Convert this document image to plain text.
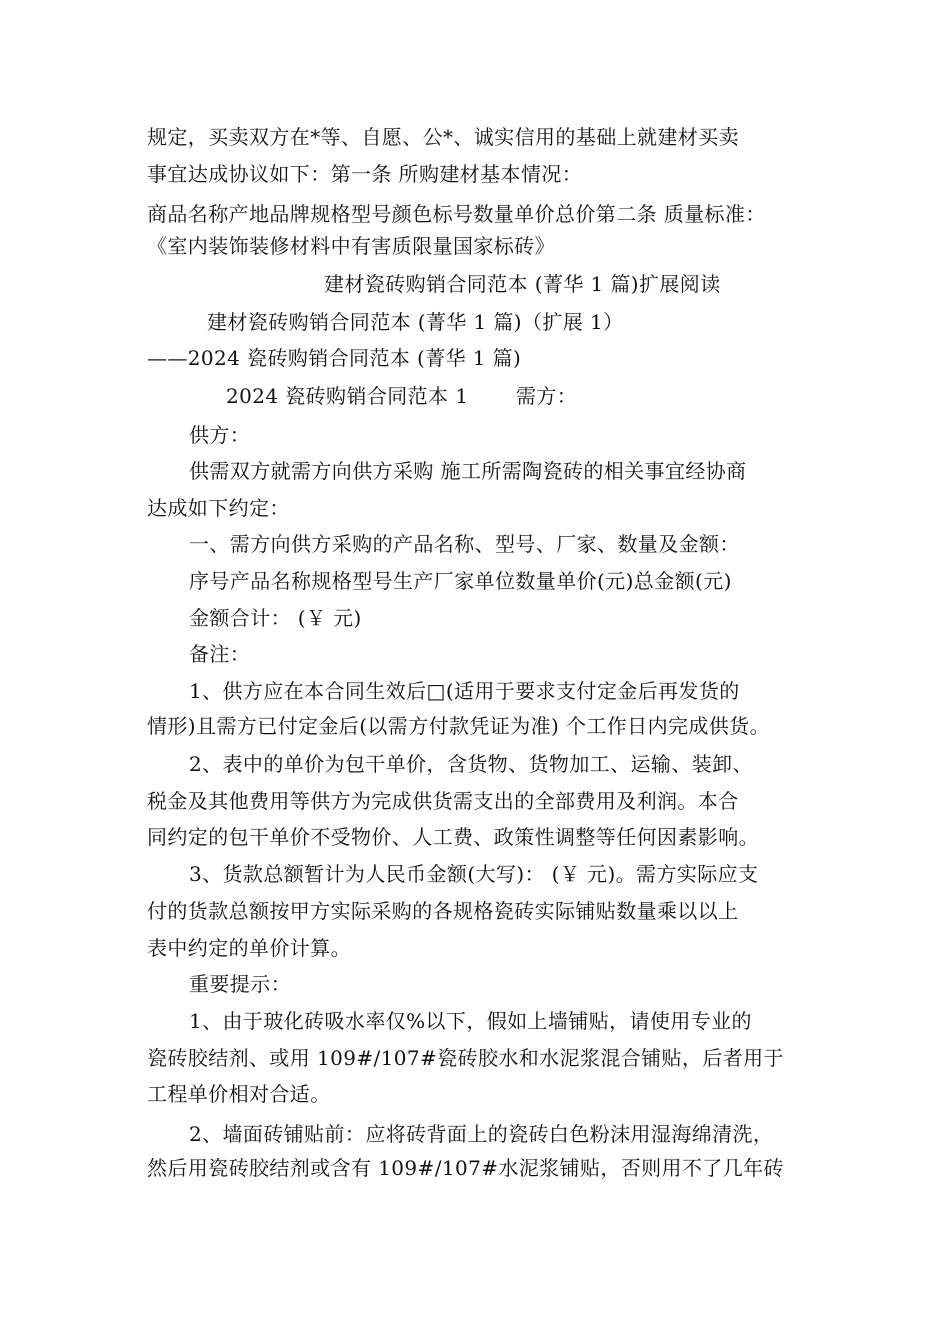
规定，买卖双方在*等、自愿、公*、诚实信用的基础上就建材买卖
事宜达成协议如下：第一条 所购建材基本情况：
商品名称产地品牌规格型号颜色标号数量单价总价第二条 质量标准：
《室内装饰装修材料中有害质限量国家标砖》
建材瓷砖购销合同范本 (菁华 1 篇)扩展阅读
建材瓷砖购销合同范本 (菁华 1 篇)（扩展 1）
——2024 瓷砖购销合同范本 (菁华 1 篇)
2024 瓷砖购销合同范本 1 需方：
供方：
供需双方就需方向供方采购 施工所需陶瓷砖的相关事宜经协商
达成如下约定：
一、需方向供方采购的产品名称、型号、厂家、数量及金额：
序号产品名称规格型号生产厂家单位数量单价(元)总金额(元)
金额合计： (￥ 元)
备注：
1、供方应在本合同生效后□(适用于要求支付定金后再发货的
情形)且需方已付定金后(以需方付款凭证为准) 个工作日内完成供货。
2、表中的单价为包干单价，含货物、货物加工、运输、装卸、
税金及其他费用等供方为完成供货需支出的全部费用及利润。本合
同约定的包干单价不受物价、人工费、政策性调整等任何因素影响。
3、货款总额暂计为人民币金额(大写)： (￥ 元)。需方实际应支
付的货款总额按甲方实际采购的各规格瓷砖实际铺贴数量乘以以上
表中约定的单价计算。
重要提示：
1、由于玻化砖吸水率仅%以下，假如上墙铺贴，请使用专业的
瓷砖胶结剂、或用 109#/107#瓷砖胶水和水泥浆混合铺贴，后者用于
工程单价相对合适。
2、墙面砖铺贴前：应将砖背面上的瓷砖白色粉沫用湿海绵清洗，
然后用瓷砖胶结剂或含有 109#/107#水泥浆铺贴，否则用不了几年砖
